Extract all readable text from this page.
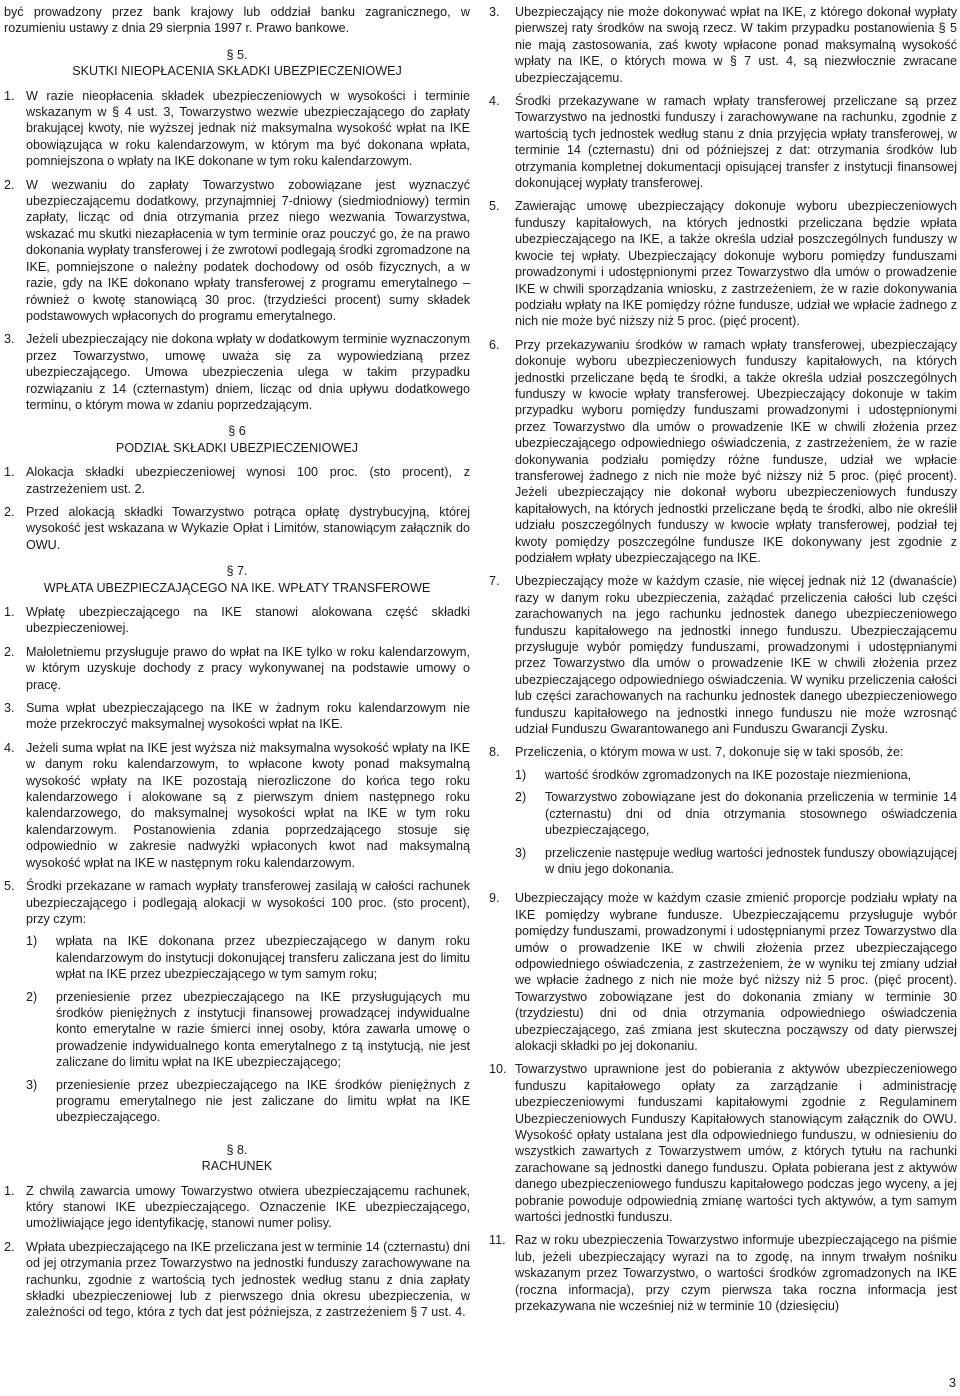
być prowadzony przez bank krajowy lub oddział banku zagranicznego, w rozumieniu ustawy z dnia 29 sierpnia 1997 r. Prawo bankowe.

§ 5.
SKUTKI NIEOPŁACENIA SKŁADKI UBEZPIECZENIOWEJ
1. W razie nieopłacenia składek ubezpieczeniowych w wysokości i terminie wskazanym w § 4 ust. 3, Towarzystwo wezwie ubezpieczającego do zapłaty brakującej kwoty, nie wyższej jednak niż maksymalna wysokość wpłat na IKE obowiązująca w roku kalendarzowym, w którym ma być dokonana wpłata, pomniejszona o wpłaty na IKE dokonane w tym roku kalendarzowym.
2. W wezwaniu do zapłaty Towarzystwo zobowiązane jest wyznaczyć ubezpieczającemu dodatkowy, przynajmniej 7-dniowy (siedmiodniowy) termin zapłaty, licząc od dnia otrzymania przez niego wezwania Towarzystwa, wskazać mu skutki niezapłacenia w tym terminie oraz pouczyć go, że na prawo dokonania wypłaty transferowej i że zwrotowi podlegają środki zgromadzone na IKE, pomniejszone o należny podatek dochodowy od osób fizycznych, a w razie, gdy na IKE dokonano wpłaty transferowej z programu emerytalnego – również o kwotę stanowiącą 30 proc. (trzydzieści procent) sumy składek podstawowych wpłaconych do programu emerytalnego.
3. Jeżeli ubezpieczający nie dokona wpłaty w dodatkowym terminie wyznaczonym przez Towarzystwo, umowę uważa się za wypowiedzianą przez ubezpieczającego. Umowa ubezpieczenia ulega w takim przypadku rozwiązaniu z 14 (czternastym) dniem, licząc od dnia upływu dodatkowego terminu, o którym mowa w zdaniu poprzedzającym.
§ 6
PODZIAŁ SKŁADKI UBEZPIECZENIOWEJ
1. Alokacja składki ubezpieczeniowej wynosi 100 proc. (sto procent), z zastrzeżeniem ust. 2.
2. Przed alokacją składki Towarzystwo potrąca opłatę dystrybucyjną, której wysokość jest wskazana w Wykazie Opłat i Limitów, stanowiącym załącznik do OWU.
§ 7.
WPŁATA UBEZPIECZAJĄCEGO NA IKE. WPŁATY TRANSFEROWE
1. Wpłatę ubezpieczającego na IKE stanowi alokowana część składki ubezpieczeniowej.
2. Małoletniemu przysługuje prawo do wpłat na IKE tylko w roku kalendarzowym, w którym uzyskuje dochody z pracy wykonywanej na podstawie umowy o pracę.
3. Suma wpłat ubezpieczającego na IKE w żadnym roku kalendarzowym nie może przekroczyć maksymalnej wysokości wpłat na IKE.
4. Jeżeli suma wpłat na IKE jest wyższa niż maksymalna wysokość wpłaty na IKE w danym roku kalendarzowym, to wpłacone kwoty ponad maksymalną wysokość wpłaty na IKE pozostają nierozliczone do końca tego roku kalendarzowego i alokowane są z pierwszym dniem następnego roku kalendarzowego, do maksymalnej wysokości wpłat na IKE w tym roku kalendarzowym. Postanowienia zdania poprzedzającego stosuje się odpowiednio w zakresie nadwyżki wpłaconych kwot nad maksymalną wysokość wpłat na IKE w następnym roku kalendarzowym.
5. Środki przekazane w ramach wypłaty transferowej zasilają w całości rachunek ubezpieczającego i podlegają alokacji w wysokości 100 proc. (sto procent), przy czym:
1)	wpłata na IKE dokonana przez ubezpieczającego w danym roku kalendarzowym do instytucji dokonującej transferu zaliczana jest do limitu wpłat na IKE przez ubezpieczającego w tym samym roku;
2)	przeniesienie przez ubezpieczającego na IKE przysługujących mu środków pieniężnych z instytucji finansowej prowadzącej indywidualne konto emerytalne w razie śmierci innej osoby, która zawarła umowę o prowadzenie indywidualnego konta emerytalnego z tą instytucją, nie jest zaliczane do limitu wpłat na IKE ubezpieczającego;
3)	przeniesienie przez ubezpieczającego na IKE środków pieniężnych z programu emerytalnego nie jest zaliczane do limitu wpłat na IKE ubezpieczającego.
§ 8.
RACHUNEK
1. Z chwilą zawarcia umowy Towarzystwo otwiera ubezpieczającemu rachunek, który stanowi IKE ubezpieczającego. Oznaczenie IKE ubezpieczającego, umożliwiające jego identyfikację, stanowi numer polisy.
2. Wpłata ubezpieczającego na IKE przeliczana jest w terminie 14 (czternastu) dni od jej otrzymania przez Towarzystwo na jednostki funduszy zarachowywane na rachunku, zgodnie z wartością tych jednostek według stanu z dnia zapłaty składki ubezpieczeniowej lub z pierwszego dnia okresu ubezpieczenia, w zależności od tego, która z tych dat jest późniejsza, z zastrzeżeniem § 7 ust. 4.
3.	Ubezpieczający nie może dokonywać wpłat na IKE, z którego dokonał wypłaty pierwszej raty środków na swoją rzecz. W takim przypadku postanowienia § 5 nie mają zastosowania, zaś kwoty wpłacone ponad maksymalną wysokość wpłaty na IKE, o których mowa w § 7 ust. 4, są niezwłocznie zwracane ubezpieczającemu.
4.	Środki przekazywane w ramach wpłaty transferowej przeliczane są przez Towarzystwo na jednostki funduszy i zarachowywane na rachunku, zgodnie z wartością tych jednostek według stanu z dnia przyjęcia wpłaty transferowej, w terminie 14 (czternastu) dni od późniejszej z dat: otrzymania środków lub otrzymania kompletnej dokumentacji opisującej transfer z instytucji finansowej dokonującej wypłaty transferowej.
5.	Zawierając umowę ubezpieczający dokonuje wyboru ubezpieczeniowych funduszy kapitałowych, na których jednostki przeliczana będzie wpłata ubezpieczającego na IKE, a także określa udział poszczególnych funduszy w kwocie tej wpłaty. Ubezpieczający dokonuje wyboru pomiędzy funduszami prowadzonymi i udostępnionymi przez Towarzystwo dla umów o prowadzenie IKE w chwili sporządzania wniosku, z zastrzeżeniem, że w razie dokonywania podziału wpłaty na IKE pomiędzy różne fundusze, udział we wpłacie żadnego z nich nie może być niższy niż 5 proc. (pięć procent).
6.	Przy przekazywaniu środków w ramach wpłaty transferowej, ubezpieczający dokonuje wyboru ubezpieczeniowych funduszy kapitałowych, na których jednostki przeliczane będą te środki, a także określa udział poszczególnych funduszy w kwocie wpłaty transferowej. Ubezpieczający dokonuje w takim przypadku wyboru pomiędzy funduszami prowadzonymi i udostępnionymi przez Towarzystwo dla umów o prowadzenie IKE w chwili złożenia przez ubezpieczającego odpowiedniego oświadczenia, z zastrzeżeniem, że w razie dokonywania podziału pomiędzy różne fundusze, udział we wpłacie transferowej żadnego z nich nie może być niższy niż 5 proc. (pięć procent). Jeżeli ubezpieczający nie dokonał wyboru ubezpieczeniowych funduszy kapitałowych, na których jednostki przeliczane będą te środki, albo nie określił udziału poszczególnych funduszy w kwocie wpłaty transferowej, podział tej kwoty pomiędzy poszczególne fundusze IKE dokonywany jest zgodnie z podziałem wpłaty ubezpieczającego na IKE.
7.	Ubezpieczający może w każdym czasie, nie więcej jednak niż 12 (dwanaście) razy w danym roku ubezpieczenia, zażądać przeliczenia całości lub części zarachowanych na jego rachunku jednostek danego ubezpieczeniowego funduszu kapitałowego na jednostki innego funduszu. Ubezpieczającemu przysługuje wybór pomiędzy funduszami, prowadzonymi i udostępnianymi przez Towarzystwo dla umów o prowadzenie IKE w chwili złożenia przez ubezpieczającego odpowiedniego oświadczenia. W wyniku przeliczenia całości lub części zarachowanych na rachunku jednostek danego ubezpieczeniowego funduszu kapitałowego na jednostki innego funduszu nie może wzrosnąć udział Funduszu Gwarantowanego ani Funduszu Gwarancji Zysku.
8.	Przeliczenia, o którym mowa w ust. 7, dokonuje się w taki sposób, że:
1)	wartość środków zgromadzonych na IKE pozostaje niezmieniona,
2)	Towarzystwo zobowiązane jest do dokonania przeliczenia w terminie 14 (czternastu) dni od dnia otrzymania stosownego oświadczenia ubezpieczającego,
3)	przeliczenie następuje według wartości jednostek funduszy obowiązującej w dniu jego dokonania.
9.	Ubezpieczający może w każdym czasie zmienić proporcje podziału wpłaty na IKE pomiędzy wybrane fundusze. Ubezpieczającemu przysługuje wybór pomiędzy funduszami, prowadzonymi i udostępnianymi przez Towarzystwo dla umów o prowadzenie IKE w chwili złożenia przez ubezpieczającego odpowiedniego oświadczenia, z zastrzeżeniem, że w wyniku tej zmiany udział we wpłacie żadnego z nich nie może być niższy niż 5 proc. (pięć procent). Towarzystwo zobowiązane jest do dokonania zmiany w terminie 30 (trzydziestu) dni od dnia otrzymania odpowiedniego oświadczenia ubezpieczającego, zaś zmiana jest skuteczna począwszy od daty pierwszej alokacji składki po jej dokonaniu.
10. Towarzystwo uprawnione jest do pobierania z aktywów ubezpieczeniowego funduszu kapitałowego opłaty za zarządzanie i administrację ubezpieczeniowymi funduszami kapitałowymi zgodnie z Regulaminem Ubezpieczeniowych Funduszy Kapitałowych stanowiącym załącznik do OWU. Wysokość opłaty ustalana jest dla odpowiedniego funduszu, w odniesieniu do wszystkich zawartych z Towarzystwem umów, z których tytułu na rachunki zarachowane są jednostki danego funduszu. Opłata pobierana jest z aktywów danego ubezpieczeniowego funduszu kapitałowego podczas jego wyceny, a jej pobranie powoduje odpowiednią zmianę wartości tych aktywów, a tym samym wartości jednostki funduszu.
11. Raz w roku ubezpieczenia Towarzystwo informuje ubezpieczającego na piśmie lub, jeżeli ubezpieczający wyrazi na to zgodę, na innym trwałym nośniku wskazanym przez Towarzystwo, o wartości środków zgromadzonych na IKE (roczna informacja), przy czym pierwsza taka roczna informacja jest przekazywana nie wcześniej niż w terminie 10 (dziesięciu)
3
